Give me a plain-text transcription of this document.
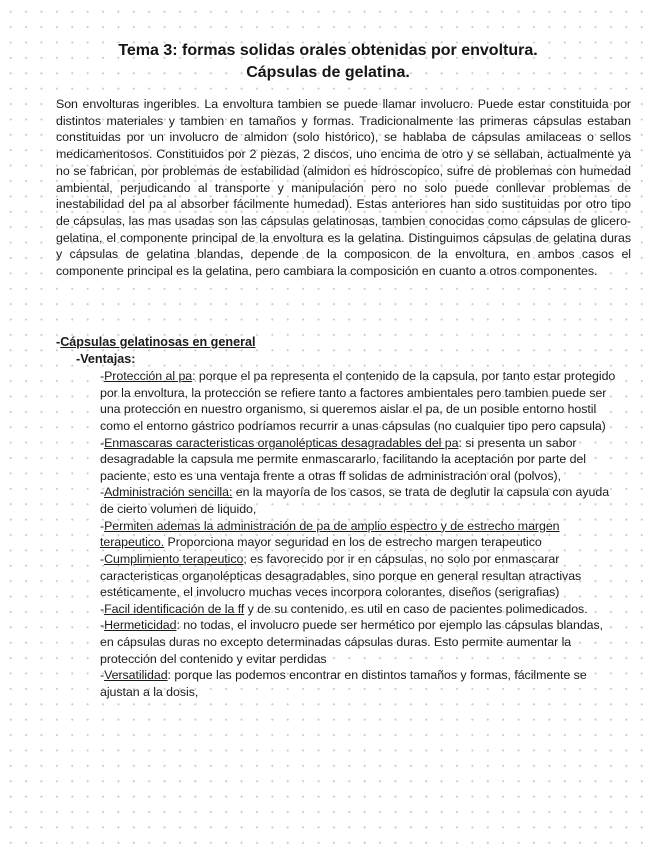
Tema 3: formas solidas orales obtenidas por envoltura.
Cápsulas de gelatina.

Son envolturas ingeribles. La envoltura tambien se puede llamar involucro. Puede estar constituida por distintos materiales y tambien en tamaños y formas. Tradicionalmente las primeras cápsulas estaban constituidas por un involucro de almidon (solo histórico), se hablaba de cápsulas amilaceas o sellos medicamentosos. Constituidos por 2 piezas, 2 discos, uno encima de otro y se sellaban, actualmente ya no se fabrican, por problemas de estabilidad (almidon es hidroscopico, sufre de problemas con humedad ambiental, perjudicando al transporte y manipulación pero no solo puede conllevar problemas de inestabilidad del pa al absorber fácilmente humedad). Estas anteriores han sido sustituidas por otro tipo de cápsulas, las mas usadas son las cápsulas gelatinosas, tambien conocidas como cápsulas de glicero-gelatina, el componente principal de la envoltura es la gelatina. Distinguimos cápsulas de gelatina duras y cápsulas de gelatina blandas, depende de la composicon de la envoltura, en ambos casos el componente principal es la gelatina, pero cambiara la composición en cuanto a otros componentes.

-Cápsulas gelatinosas en general
-Ventajas:

-Protección al pa: porque el pa representa el contenido de la capsula, por tanto estar protegido por la envoltura, la protección se refiere tanto a factores ambientales pero tambien puede ser una protección en nuestro organismo, si queremos aislar el pa, de un posible entorno hostil como el entorno gástrico podríamos recurrir a unas cápsulas (no cualquier tipo pero capsula)

-Enmascaras caracteristicas organolépticas desagradables del pa: si presenta un sabor desagradable la capsula me permite enmascararlo, facilitando la aceptación por parte del paciente, esto es una ventaja frente a otras ff solidas de administración oral (polvos),

-Administración sencilla: en la mayoría de los casos, se trata de deglutir la capsula con ayuda de cierto volumen de liquido,

-Permiten ademas la administración de pa de amplio espectro y de estrecho margen terapeutico. Proporciona mayor seguridad en los de estrecho margen terapeutico

-Cumplimiento terapeutico; es favorecido por ir en cápsulas, no solo por enmascarar caracteristicas organolépticas desagradables, sino porque en general resultan atractivas estéticamente, el involucro muchas veces incorpora colorantes, diseños (serigrafias)

-Facil identificación de la ff y de su contenido, es util en caso de pacientes polimedicados.

-Hermeticidad: no todas, el involucro puede ser hermético por ejemplo las cápsulas blandas, en cápsulas duras no excepto determinadas cápsulas duras. Esto permite aumentar la protección del contenido y evitar perdidas

-Versatilidad: porque las podemos encontrar en distintos tamaños y formas, fácilmente se ajustan a la dosis,
